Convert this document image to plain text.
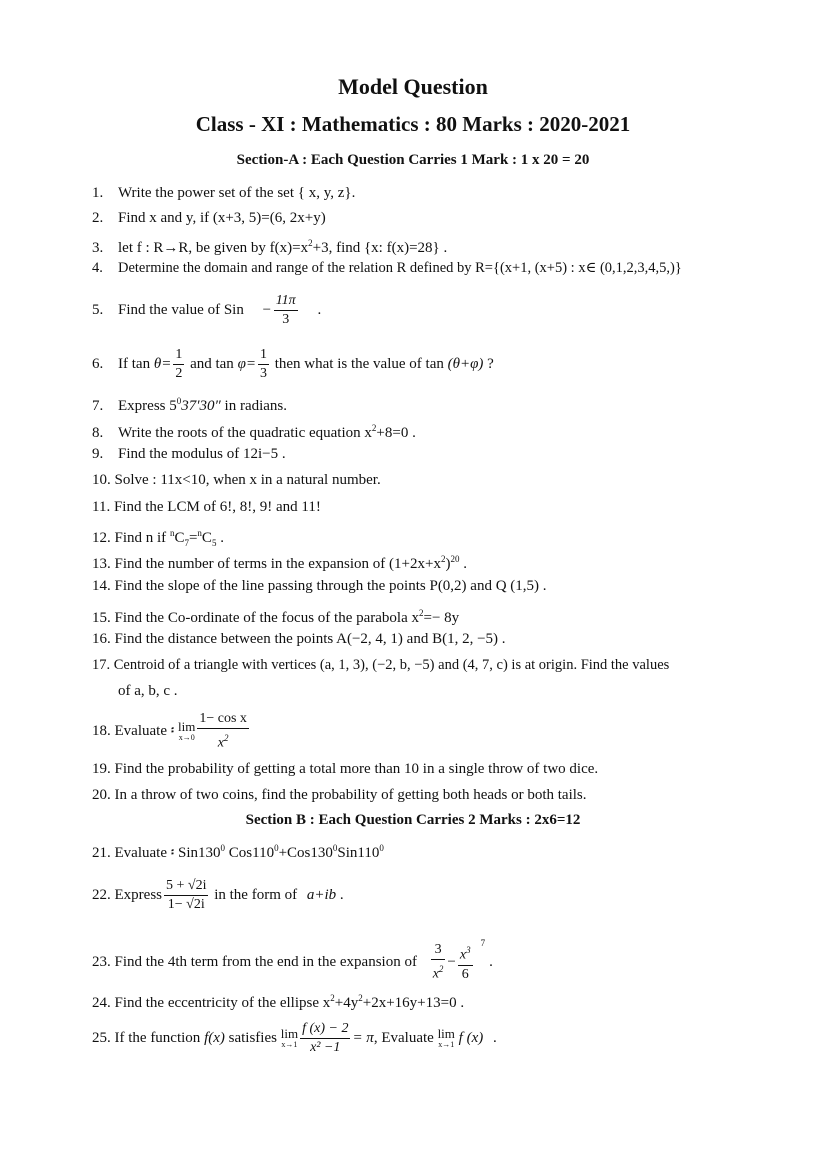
Model Question
Class - XI : Mathematics : 80 Marks : 2020-2021
Section-A : Each Question Carries 1 Mark : 1 x 20 = 20
1. Write the power set of the set { x, y, z}.
2. Find x and y, if (x+3, 5)=(6, 2x+y)
3. let f : R→R, be given by $f(x)=x^2+3$, find {x: f(x)=28} .
4. Determine the domain and range of the relation R defined by R={(x+1, (x+5) : x∈ (0,1,2,3,4,5,)}
5. Find the value of Sin − $\frac{11\pi}{3}$ .
6. If $\tan \theta= \frac{1}{2}$ and $\tan \varphi= \frac{1}{3}$ then what is the value of tan (θ+φ) ?
7. Express $5^037'30''$ in radians.
8. Write the roots of the quadratic equation $x^2+8=0$ .
9. Find the modulus of 12i−5 .
10. Solve : 11x<10, when x in a natural number.
11. Find the LCM of 6!, 8!, 9! and 11!
12. Find n if $^nC_7=^nC_5$ .
13. Find the number of terms in the expansion of $(1+2x+x^2)^{20}$ .
14. Find the slope of the line passing through the points P(0,2) and Q (1,5) .
15. Find the Co-ordinate of the focus of the parabola $x^2=- 8y$
16. Find the distance between the points A(−2, 4, 1) and B(1, 2, −5) .
17. Centroid of a triangle with vertices (a, 1, 3), (−2, b, −5) and (4, 7, c) is at origin. Find the values
of a, b, c .
18. Evaluate ፡ lim
$x\to 0 \frac{\text{1− cos x}}{x^2}$
19. Find the probability of getting a total more than 10 in a single throw of two dice.
20. In a throw of two coins, find the probability of getting both heads or both tails.
Section B : Each Question Carries 2 Marks : 2x6=12
21. Evaluate ፡ $Sin130^0$ $Cos110^0+Cos130^0Sin110^0$
22. Express $\frac{5 + √2i}{1- √2i}$ in the form of a+ib .
23. Find the 4th term from the end in the expansion of $\frac{3}{x^2} - \frac{x^3}{6} ^7$.
24. Find the eccentricity of the ellipse $x^2+4y^2+2x+16y+13=0$ .
25. If the function f(x) satisfies lim
$x\to 1 \frac{f (x) - 2}{\text{x² −1}} = \pi$, Evaluate lim
x→1 f (x) .
